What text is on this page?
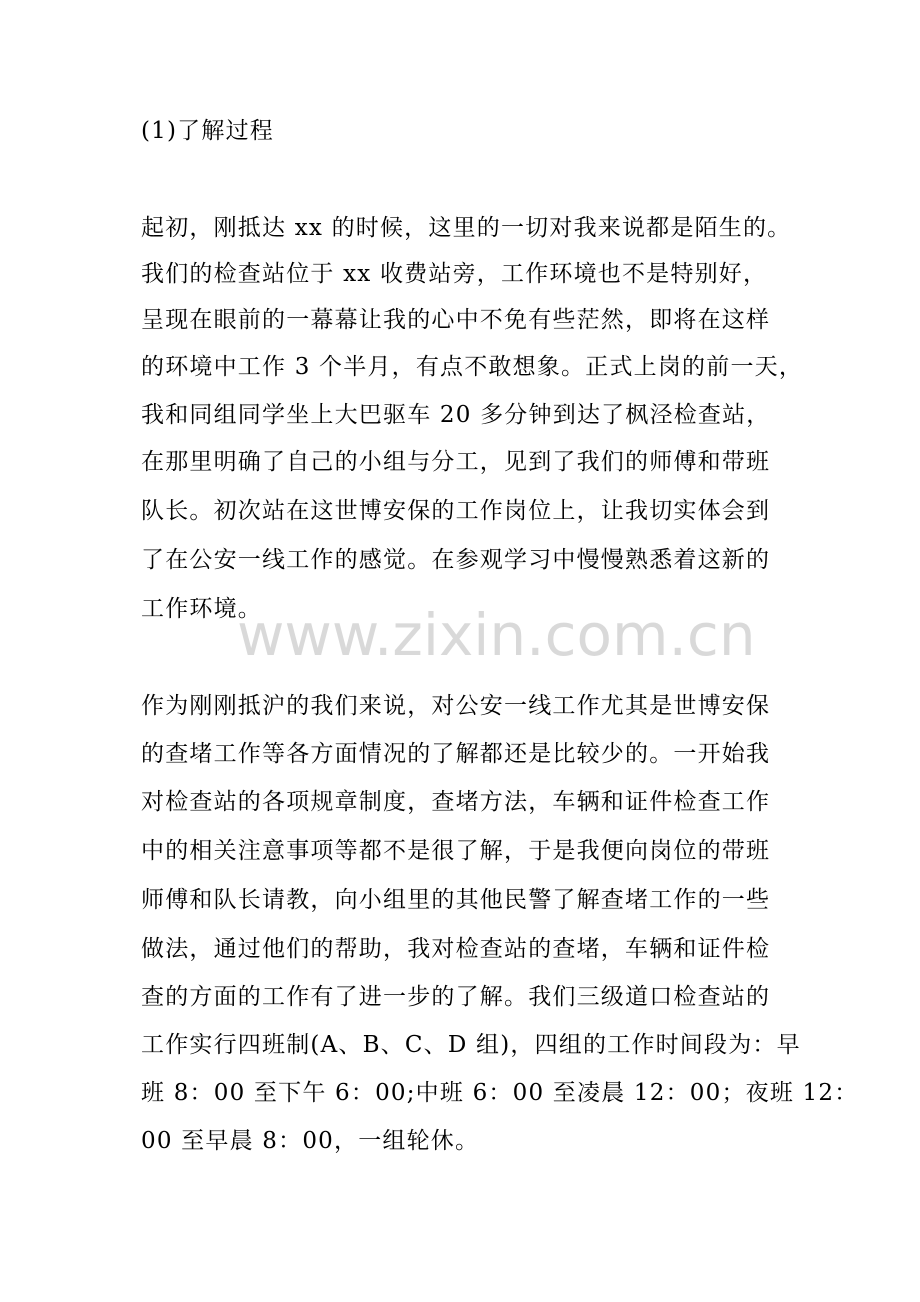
(1)了解过程
起初，刚抵达 xx 的时候，这里的一切对我来说都是陌生的。
我们的检查站位于 xx 收费站旁，工作环境也不是特别好，
呈现在眼前的一幕幕让我的心中不免有些茫然，即将在这样
的环境中工作 3 个半月，有点不敢想象。正式上岗的前一天，
我和同组同学坐上大巴驱车 20 多分钟到达了枫泾检查站，
在那里明确了自己的小组与分工，见到了我们的师傅和带班
队长。初次站在这世博安保的工作岗位上，让我切实体会到
了在公安一线工作的感觉。在参观学习中慢慢熟悉着这新的
工作环境。
作为刚刚抵沪的我们来说，对公安一线工作尤其是世博安保
的查堵工作等各方面情况的了解都还是比较少的。一开始我
对检查站的各项规章制度，查堵方法，车辆和证件检查工作
中的相关注意事项等都不是很了解，于是我便向岗位的带班
师傅和队长请教，向小组里的其他民警了解查堵工作的一些
做法，通过他们的帮助，我对检查站的查堵，车辆和证件检
查的方面的工作有了进一步的了解。我们三级道口检查站的
工作实行四班制(A、B、C、D 组)，四组的工作时间段为：早
班 8：00 至下午 6：00;中班 6：00 至凌晨 12：00；夜班 12：
00 至早晨 8：00，一组轮休。
www.zixin.com.cn
